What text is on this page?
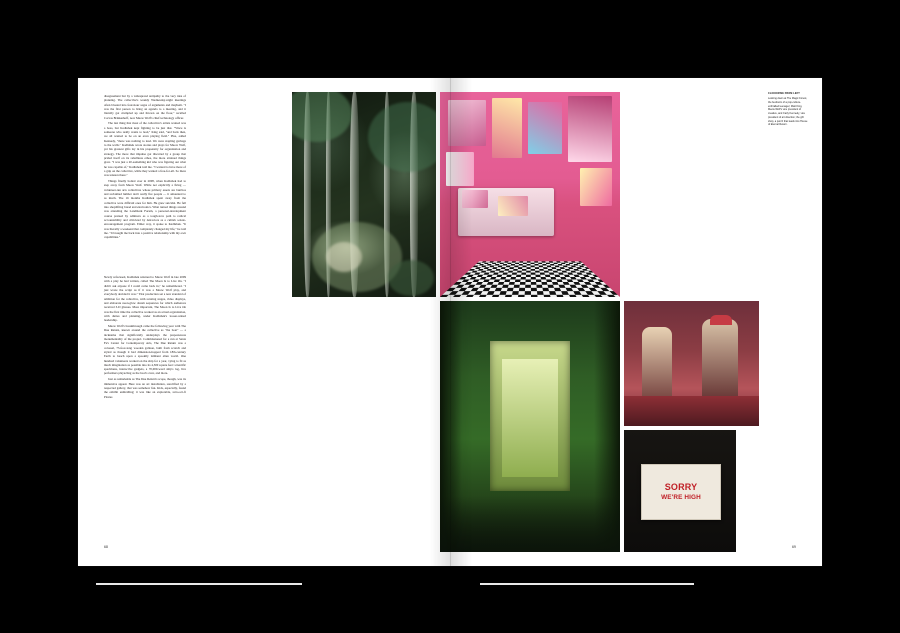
disagreement but by a widespread antipathy to the very idea of planning. The collective's weekly Wednesday-night meetings often bloated into four-hour sagas of arguments and mayhem. "I was the first person to bring an agenda to a meeting, and it literally got crumpled up and thrown on the floor," recalled Corvas Brinkerhoff, now Meow Wolf's chief technology officer.

The last thing that most of the collective's artists wanted was a boss, but Kadlubek kept fighting to be just that. "Vince is someone who really wants to lead," King said, "and back then, we all wanted to be on an even playing field." Plus, added Kennedy, "there was nothing to lead. We were stapling garbage to the walls." Kadlubek wrote stories and plays for Meow Wolf, yet his greatest gifts lay in his propensity for organization and strategy. The more that impulse got thwarted by a group that prided itself on its rebellious ethos, the more strained things grew. "I was just a 20-something kid who was figuring out what he was capable of," Kadlubek told me. "I wanted to have more of a grip on the collective, while they wanted a free-for-all. So there was tension there."

Things finally boiled over in 2008, when Kadlubek had to step away from Meow Wolf. While not explicitly a firing — volunteer-run arts collectives whose primary assets are burritos and reclaimed lumber don't really fire people — it amounted to as much. The 16 months Kadlubek spent away from the collective were difficult ones for him. He grew suicidal. He fell into shoplifting bread and electronics. What turned things around was attending the Landmark Forum, a personal-development course praised by admirers as a tough-love path to radical accountability and criticized by detractors as a cultish a-hole-encouragement program. Either way, it spoke to Kadlubek. "It was literally a weekend that completely changed my life," he told me. "It brought me back into a positive relationship with my own capabilities."

Newly refocused, Kadlubek returned to Meow Wolf in late 2009 with a play he had written, called The Moon Is to Live On. "I didn't ask anyone if I could come back in," he remembered. "I just wrote the script as if it was a Meow Wolf play, and everybody decided it was." That production set a new standard of ambition for the collective, with rotating stages, video displays, and elaborate neon-glow dream sequences for which audiences received 3-D glasses. More important, The Moon Is to Live On was the first time the collective worked as an actual organization, with duties and planning, under Kadlubek's looser-reined leadership.

Meow Wolf's breakthrough came the following year with The Due Return, known around the collective as "the boat" — a nickname that significantly underplays the preposterous monumentality of the project. Commissioned for a run at Santa Fe's Center for Contemporary Arts, The Due Return was a colossal, 73-foot-long wooden galleon, built from scratch and styled as though it had dimension-hopped from 18th-century Earth to beach upon a spookily lambent alien world. One hundred volunteers worked on the ship for a year, vying to fit as much imagination as possible into its 4,500 square feet: scientific specimens, interactive gadgets, a 70,000-word ship's log, live performers playacting as the boat's crew, and more.

Just as remarkable as The Due Return's scope, though, was its immersive appeal. Here was an art installation, sanctified by a respected gallery, that was somehow fun. Kids, especially, found the exhibit enthralling; it was like an explorable, retro-sci-fi Pirates

68

CLOCKWISE FROM LEFT
Looking down at The Magic Forest, the bedroom of a pop-culture-enthralled teenager; Matt King, Meow Wolf's vice president of creative, and Carly Kennedy, vice president of art direction; the gift shop, a porch that leads into House of Eternal Return.
69
SORRY
WE'RE HIGH
